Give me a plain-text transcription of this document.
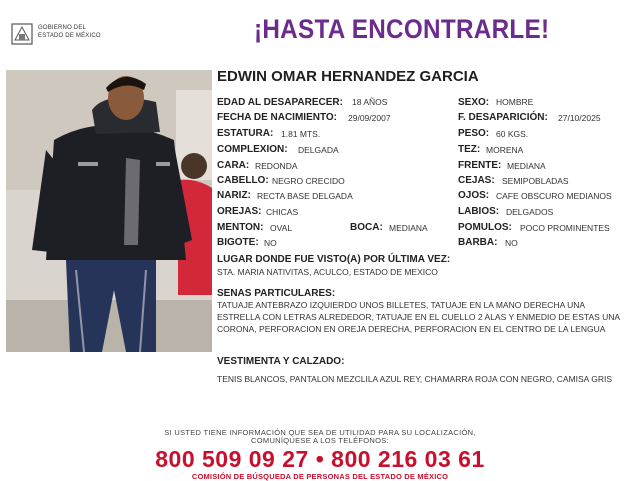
GOBIERNO DEL
ESTADO DE MÉXICO	¡HASTA ENCONTRARLE!
EDWIN OMAR HERNANDEZ GARCIA
EDAD AL DESAPARECER: 18 AÑOS
FECHA DE NACIMIENTO: 29/09/2007
ESTATURA: 1.81 MTS.
COMPLEXION: DELGADA
CARA: REDONDA
CABELLO: NEGRO CRECIDO
NARIZ: RECTA BASE DELGADA
OREJAS: CHICAS
MENTON: OVAL	BOCA: MEDIANA
BIGOTE: NO
SEXO: HOMBRE
F. DESAPARICIÓN: 27/10/2025
PESO: 60 KGS.
TEZ: MORENA
FRENTE: MEDIANA
CEJAS: SEMIPOBLADAS
OJOS: CAFE OBSCURO MEDIANOS
LABIOS: DELGADOS
POMULOS: POCO PROMINENTES
BARBA: NO
LUGAR DONDE FUE VISTO(A) POR ÚLTIMA VEZ:
STA. MARIA NATIVITAS, ACULCO, ESTADO DE MEXICO
SENAS PARTICULARES:
TATUAJE ANTEBRAZO IZQUIERDO UNOS BILLETES, TATUAJE EN LA MANO DERECHA UNA ESTRELLA CON LETRAS ALREDEDOR, TATUAJE EN EL CUELLO 2 ALAS Y ENMEDIO DE ESTAS UNA CORONA, PERFORACION EN OREJA DERECHA, PERFORACION EN EL CENTRO DE LA LENGUA
VESTIMENTA Y CALZADO:
TENIS BLANCOS, PANTALON MEZCLILA AZUL REY, CHAMARRA ROJA CON NEGRO, CAMISA GRIS
SI USTED TIENE INFORMACIÓN QUE SEA DE UTILIDAD PARA SU LOCALIZACIÓN,
COMUNÍQUESE A LOS TELÉFONOS:
800 509 09 27 • 800 216 03 61
COMISIÓN DE BÚSQUEDA DE PERSONAS DEL ESTADO DE MÉXICO
